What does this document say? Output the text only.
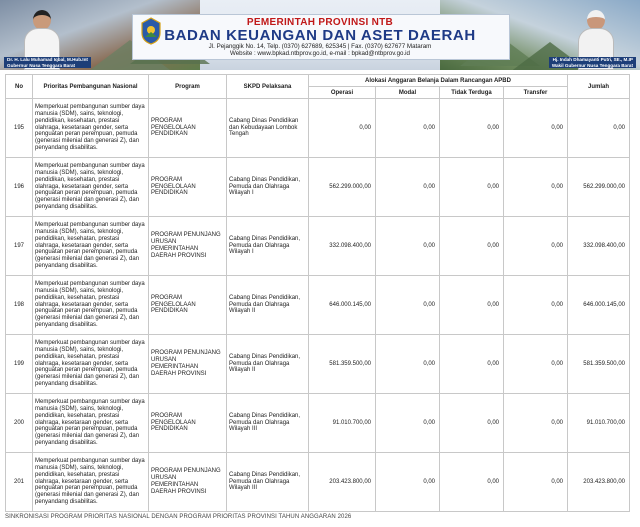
Dr. H. Lalu Muhamad Iqbal, M.Hub.Int
Gubernur Nusa Tenggara Barat
Hj. Indah Dhamayanti Putri, SE., M.IP
Wakil Gubernur Nusa Tenggara Barat
PEMERINTAH PROVINSI NTB
BADAN KEUANGAN DAN ASET DAERAH
Jl. Pejanggik No. 14, Telp. (0370) 627689, 625345 | Fax. (0370) 627677 Mataram
Website : www.bpkad.ntbprov.go.id, e-mail : bpkad@ntbprov.go.id
No	Prioritas Pembangunan Nasional	Program	SKPD Pelaksana	Alokasi Anggaran Belanja Dalam Rancangan APBD				Jumlah
				Operasi	Modal	Tidak Terduga	Transfer	
195	Memperkuat pembangunan sumber daya manusia (SDM), sains, teknologi, pendidikan, kesehatan, prestasi olahraga, kesetaraan gender, serta penguatan peran perempuan, pemuda (generasi milenial dan generasi Z), dan penyandang disabilitas.	PROGRAM PENGELOLAAN PENDIDIKAN	Cabang Dinas Pendidikan dan Kebudayaan Lombok Tengah	0,00	0,00	0,00	0,00	0,00
196	Memperkuat pembangunan sumber daya manusia (SDM), sains, teknologi, pendidikan, kesehatan, prestasi olahraga, kesetaraan gender, serta penguatan peran perempuan, pemuda (generasi milenial dan generasi Z), dan penyandang disabilitas.	PROGRAM PENGELOLAAN PENDIDIKAN	Cabang Dinas Pendidikan, Pemuda dan Olahraga Wilayah I	562.299.000,00	0,00	0,00	0,00	562.299.000,00
197	Memperkuat pembangunan sumber daya manusia (SDM), sains, teknologi, pendidikan, kesehatan, prestasi olahraga, kesetaraan gender, serta penguatan peran perempuan, pemuda (generasi milenial dan generasi Z), dan penyandang disabilitas.	PROGRAM PENUNJANG URUSAN PEMERINTAHAN DAERAH PROVINSI	Cabang Dinas Pendidikan, Pemuda dan Olahraga Wilayah I	332.098.400,00	0,00	0,00	0,00	332.098.400,00
198	Memperkuat pembangunan sumber daya manusia (SDM), sains, teknologi, pendidikan, kesehatan, prestasi olahraga, kesetaraan gender, serta penguatan peran perempuan, pemuda (generasi milenial dan generasi Z), dan penyandang disabilitas.	PROGRAM PENGELOLAAN PENDIDIKAN	Cabang Dinas Pendidikan, Pemuda dan Olahraga Wilayah II	646.000.145,00	0,00	0,00	0,00	646.000.145,00
199	Memperkuat pembangunan sumber daya manusia (SDM), sains, teknologi, pendidikan, kesehatan, prestasi olahraga, kesetaraan gender, serta penguatan peran perempuan, pemuda (generasi milenial dan generasi Z), dan penyandang disabilitas.	PROGRAM PENUNJANG URUSAN PEMERINTAHAN DAERAH PROVINSI	Cabang Dinas Pendidikan, Pemuda dan Olahraga Wilayah II	581.359.500,00	0,00	0,00	0,00	581.359.500,00
200	Memperkuat pembangunan sumber daya manusia (SDM), sains, teknologi, pendidikan, kesehatan, prestasi olahraga, kesetaraan gender, serta penguatan peran perempuan, pemuda (generasi milenial dan generasi Z), dan penyandang disabilitas.	PROGRAM PENGELOLAAN PENDIDIKAN	Cabang Dinas Pendidikan, Pemuda dan Olahraga Wilayah III	91.010.700,00	0,00	0,00	0,00	91.010.700,00
201	Memperkuat pembangunan sumber daya manusia (SDM), sains, teknologi, pendidikan, kesehatan, prestasi olahraga, kesetaraan gender, serta penguatan peran perempuan, pemuda (generasi milenial dan generasi Z), dan penyandang disabilitas.	PROGRAM PENUNJANG URUSAN PEMERINTAHAN DAERAH PROVINSI	Cabang Dinas Pendidikan, Pemuda dan Olahraga Wilayah III	203.423.800,00	0,00	0,00	0,00	203.423.800,00
SINKRONISASI PROGRAM PRIORITAS NASIONAL DENGAN PROGRAM PRIORITAS PROVINSI TAHUN ANGGARAN 2026
